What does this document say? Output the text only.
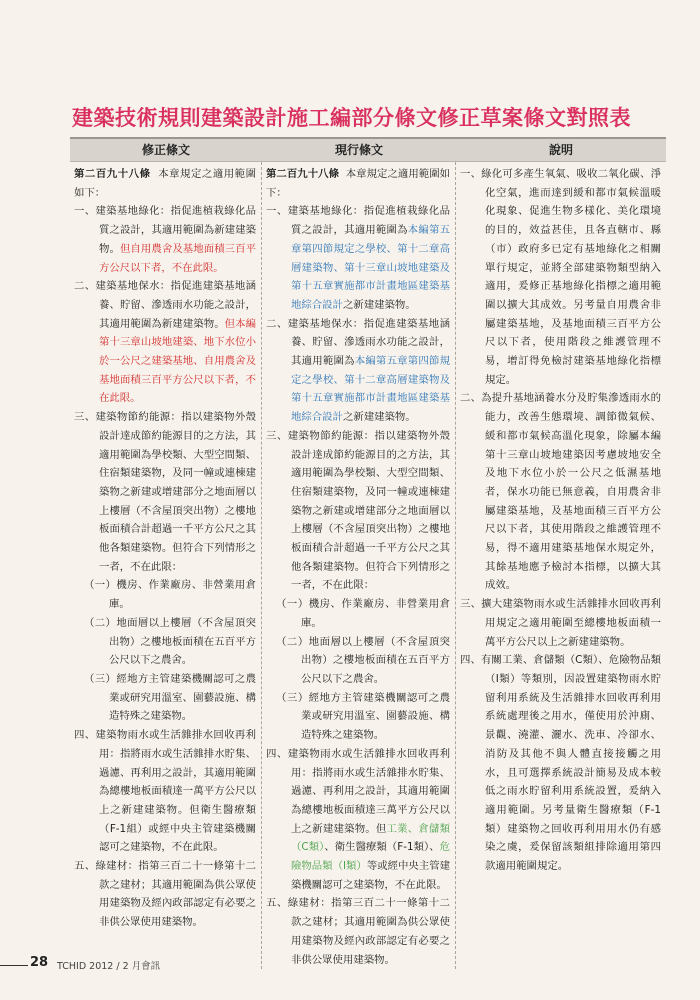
建築技術規則建築設計施工編部分條文修正草案條文對照表
修正條文	現行條文	說明

第二百九十八條 本章規定之適用範圍如下：

一、建築基地綠化：指促進植栽綠化品質之設計，其適用範圍為新建建築物。但自用農舍及基地面積三百平方公尺以下者，不在此限。

二、建築基地保水：指促進建築基地涵養、貯留、滲透雨水功能之設計，其適用範圍為新建建築物。但本編第十三章山坡地建築、地下水位小於一公尺之建築基地、自用農舍及基地面積三百平方公尺以下者，不在此限。

三、建築物節約能源：指以建築物外殼設計達成節約能源目的之方法，其適用範圍為學校類、大型空間類、住宿類建築物，及同一幢或連棟建築物之新建或增建部分之地面層以上樓層（不含屋頂突出物）之樓地板面積合計超過一千平方公尺之其他各類建築物。但符合下列情形之一者，不在此限：

（一）機房、作業廠房、非營業用倉庫。

（二）地面層以上樓層（不含屋頂突出物）之樓地板面積在五百平方公尺以下之農舍。

（三）經地方主管建築機關認可之農業或研究用溫室、園藝設施、構造特殊之建築物。

四、建築物雨水或生活雜排水回收再利用：指將雨水或生活雜排水貯集、過濾、再利用之設計，其適用範圍為總樓地板面積達一萬平方公尺以上之新建建築物。但衛生醫療類（F-1組）或經中央主管建築機關認可之建築物，不在此限。

五、綠建材：指第三百二十一條第十二款之建材；其適用範圍為供公眾使用建築物及經內政部認定有必要之非供公眾使用建築物。

第二百九十八條 本章規定之適用範圍如下：

一、建築基地綠化：指促進植栽綠化品質之設計，其適用範圍為本編第五章第四節規定之學校、第十二章高層建築物、第十三章山坡地建築及第十五章實施都市計畫地區建築基地綜合設計之新建建築物。

二、建築基地保水：指促進建築基地涵養、貯留、滲透雨水功能之設計，其適用範圍為本編第五章第四節規定之學校、第十二章高層建築物及第十五章實施都市計畫地區建築基地綜合設計之新建建築物。

三、建築物節約能源：指以建築物外殼設計達成節約能源目的之方法，其適用範圍為學校類、大型空間類、住宿類建築物，及同一幢或連棟建築物之新建或增建部分之地面層以上樓層（不含屋頂突出物）之樓地板面積合計超過一千平方公尺之其他各類建築物。但符合下列情形之一者，不在此限：

（一）機房、作業廠房、非營業用倉庫。

（二）地面層以上樓層（不含屋頂突出物）之樓地板面積在五百平方公尺以下之農舍。

（三）經地方主管建築機關認可之農業或研究用溫室、園藝設施、構造特殊之建築物。

四、建築物雨水或生活雜排水回收再利用：指將雨水或生活雜排水貯集、過濾、再利用之設計，其適用範圍為總樓地板面積達三萬平方公尺以上之新建建築物。但工業、倉儲類（C類）、衛生醫療類（F-1類）、危險物品類（I類）等或經中央主管建築機關認可之建築物，不在此限。

五、綠建材：指第三百二十一條第十二款之建材；其適用範圍為供公眾使用建築物及經內政部認定有必要之非供公眾使用建築物。

一、綠化可多產生氧氣、吸收二氧化碳、淨化空氣，進而達到緩和都市氣候溫暖化現象、促進生物多樣化、美化環境的目的，效益甚佳，且各直轄市、縣（市）政府多已定有基地綠化之相關單行規定，並將全部建築物類型納入適用，爰修正基地綠化指標之適用範圍以擴大其成效。另考量自用農舍非屬建築基地，及基地面積三百平方公尺以下者，使用階段之維護管理不易，增訂得免檢討建築基地綠化指標規定。

二、為提升基地涵養水分及貯集滲透雨水的能力，改善生態環境、調節微氣候、緩和都市氣候高溫化現象，除屬本編第十三章山坡地建築因考慮坡地安全及地下水位小於一公尺之低濕基地者，保水功能已無意義，自用農舍非屬建築基地，及基地面積三百平方公尺以下者，其使用階段之維護管理不易，得不適用建築基地保水規定外，其餘基地應予檢討本指標，以擴大其成效。

三、擴大建築物雨水或生活雜排水回收再利用規定之適用範圍至總樓地板面積一萬平方公尺以上之新建建築物。

四、有關工業、倉儲類（C類）、危險物品類（I類）等類別，因設置建築物雨水貯留利用系統及生活雜排水回收再利用系統處理後之用水，僅使用於沖廁、景觀、澆灌、灑水、洗車、冷卻水、消防及其他不與人體直接接觸之用水，且可選擇系統設計簡易及成本較低之雨水貯留利用系統設置，爰納入適用範圍。另考量衛生醫療類（F-1類）建築物之回收再利用用水仍有感染之虞，爰保留該類組排除適用第四款適用範圍規定。

28 TCHID 2012 / 2 月會訊
